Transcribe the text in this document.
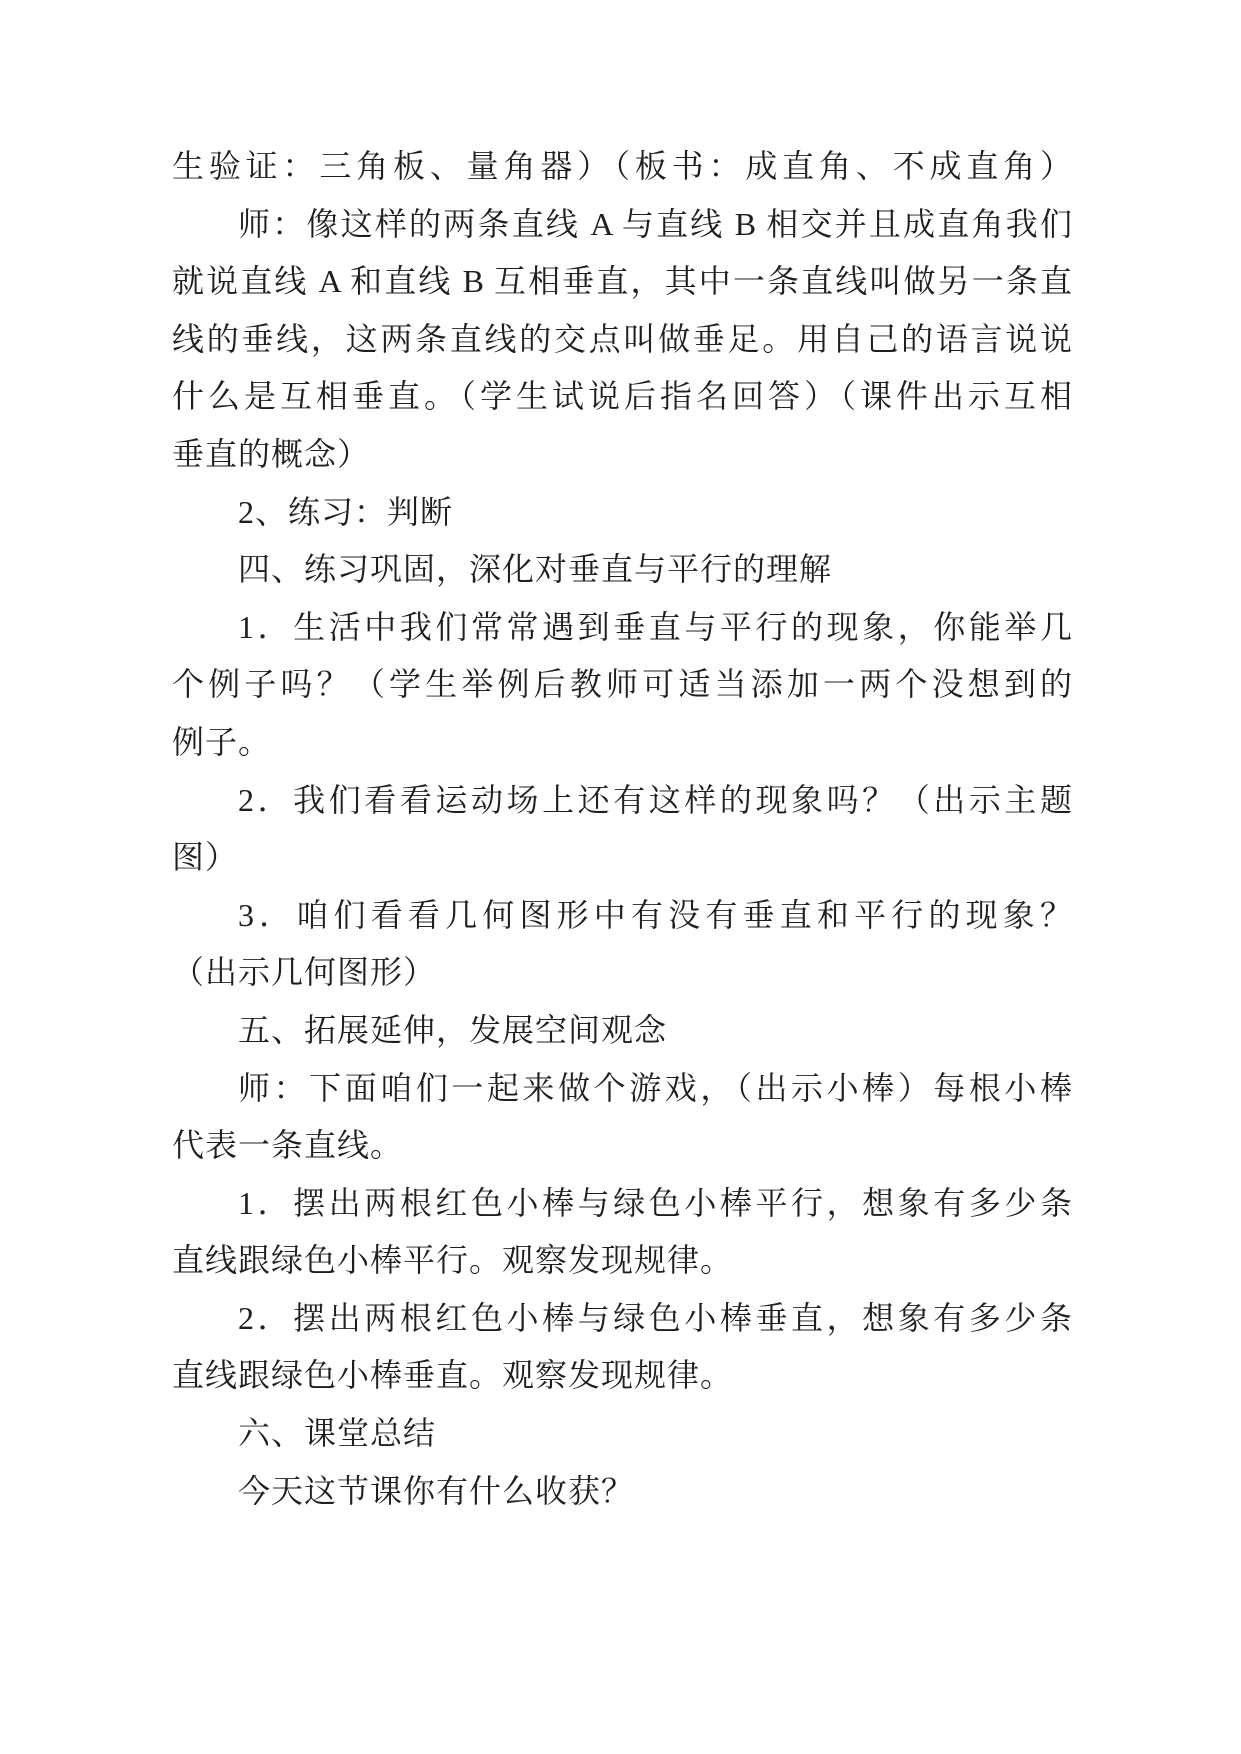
生验证：三角板、量角器）（板书：成直角、不成直角）

师：像这样的两条直线 A 与直线 B 相交并且成直角我们

就说直线 A 和直线 B 互相垂直，其中一条直线叫做另一条直

线的垂线，这两条直线的交点叫做垂足。用自己的语言说说

什么是互相垂直。（学生试说后指名回答）（课件出示互相

垂直的概念）

2、练习：判断

四、练习巩固，深化对垂直与平行的理解

1．生活中我们常常遇到垂直与平行的现象，你能举几

个例子吗？（学生举例后教师可适当添加一两个没想到的

例子。

2．我们看看运动场上还有这样的现象吗？（出示主题

图）

3．咱们看看几何图形中有没有垂直和平行的现象？

（出示几何图形）

五、拓展延伸，发展空间观念

师：下面咱们一起来做个游戏，（出示小棒）每根小棒

代表一条直线。

1．摆出两根红色小棒与绿色小棒平行，想象有多少条

直线跟绿色小棒平行。观察发现规律。

2．摆出两根红色小棒与绿色小棒垂直，想象有多少条

直线跟绿色小棒垂直。观察发现规律。

六、课堂总结

今天这节课你有什么收获？
